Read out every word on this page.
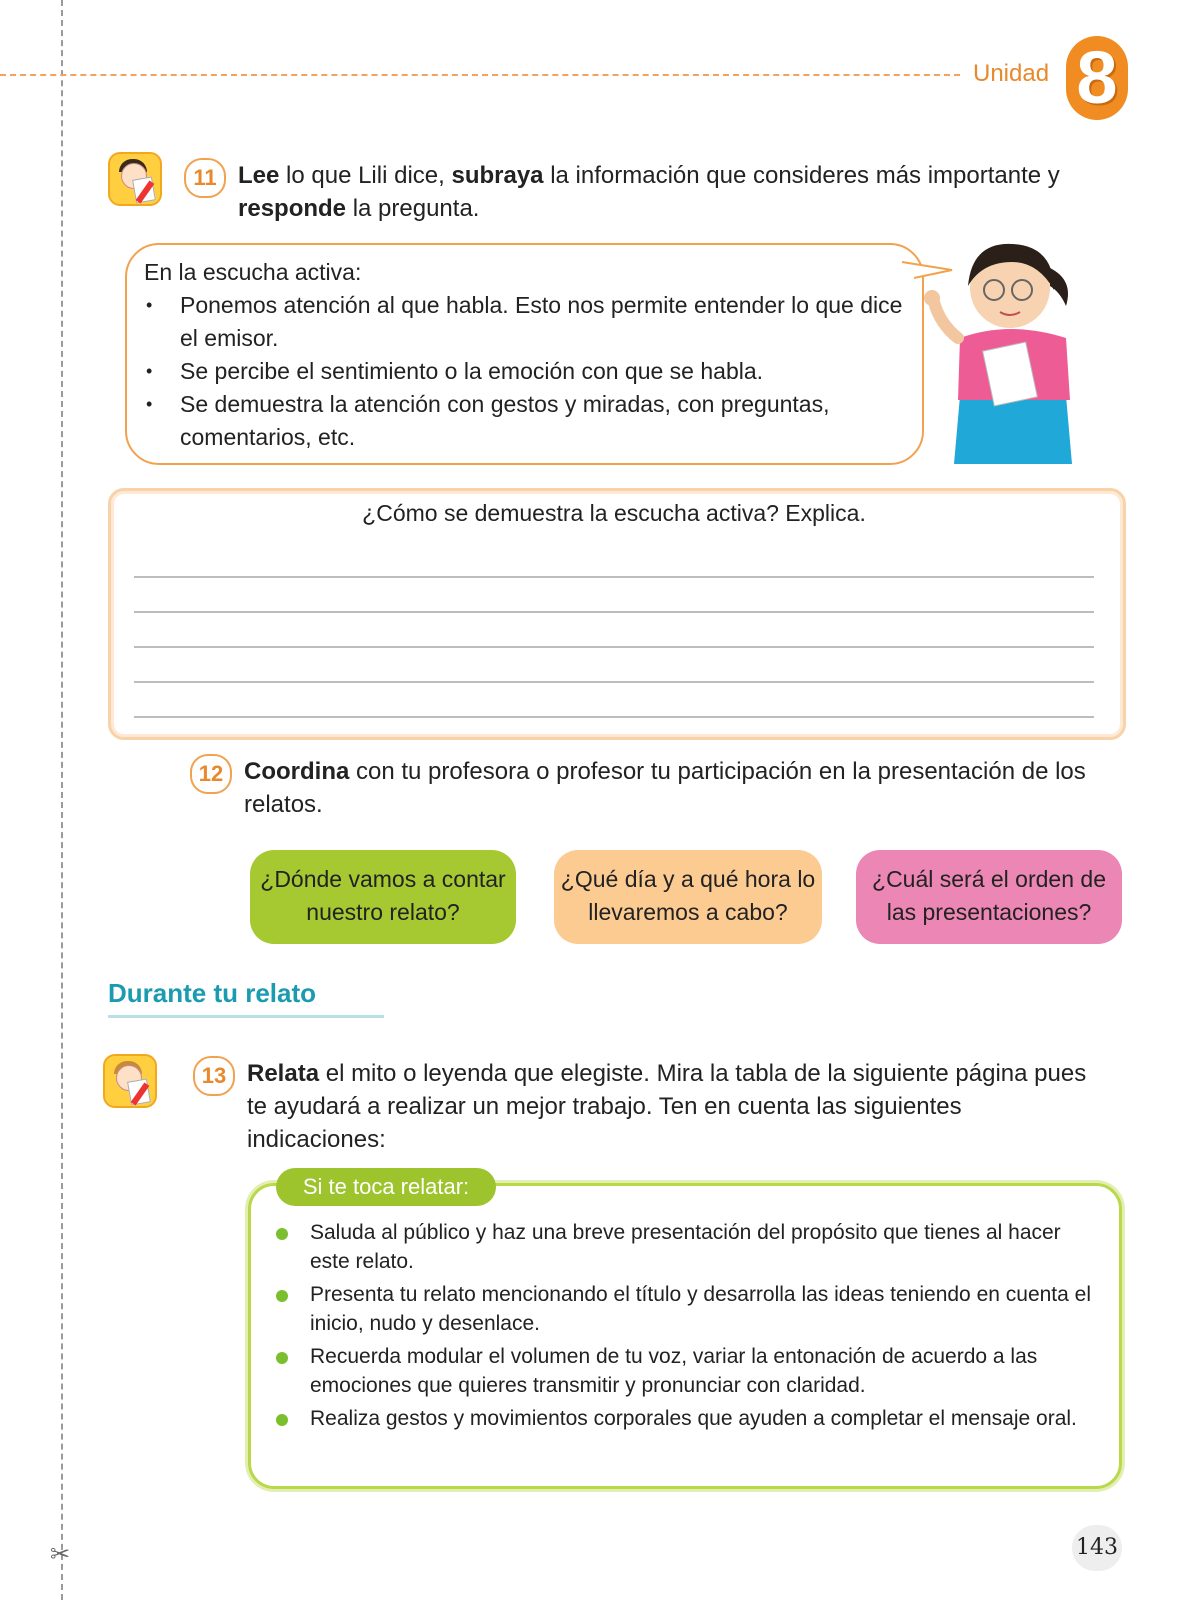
✂
Unidad 8
11 Lee lo que Lili dice, subraya la información que consideres más importante y responde la pregunta.
En la escucha activa:
• Ponemos atención al que habla. Esto nos permite entender lo que dice el emisor.
• Se percibe el sentimiento o la emoción con que se habla.
• Se demuestra la atención con gestos y miradas, con preguntas, comentarios, etc.
¿Cómo se demuestra la escucha activa? Explica.
12 Coordina con tu profesora o profesor tu participación en la presentación de los relatos.
¿Dónde vamos a contar nuestro relato?
¿Qué día y a qué hora lo llevaremos a cabo?
¿Cuál será el orden de las presentaciones?
Durante tu relato
13 Relata el mito o leyenda que elegiste. Mira la tabla de la siguiente página pues te ayudará a realizar un mejor trabajo. Ten en cuenta las siguientes indicaciones:
Si te toca relatar:
Saluda al público y haz una breve presentación del propósito que tienes al hacer este relato.
Presenta tu relato mencionando el título y desarrolla las ideas teniendo en cuenta el inicio, nudo y desenlace.
Recuerda modular el volumen de tu voz, variar la entonación de acuerdo a las emociones que quieres transmitir y pronunciar con claridad.
Realiza gestos y movimientos corporales que ayuden a completar el mensaje oral.
143
